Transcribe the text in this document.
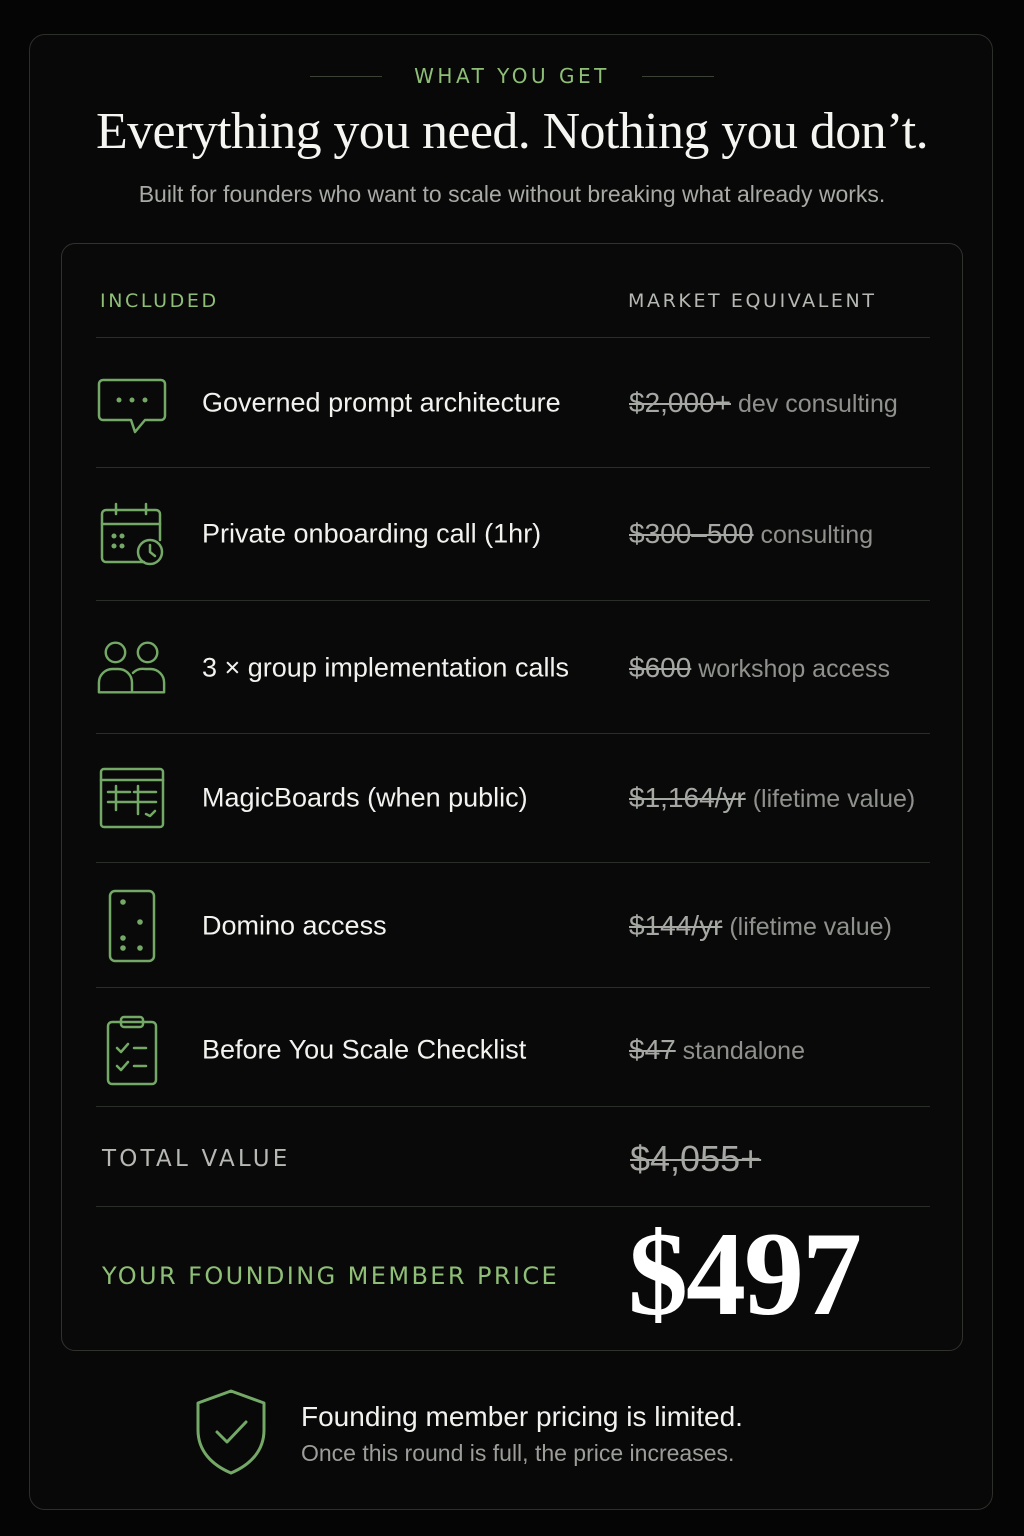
WHAT YOU GET
Everything you need. Nothing you don’t.
Built for founders who want to scale without breaking what already works.
INCLUDED	MARKET EQUIVALENT
Governed prompt architecture $2,000+ dev consulting
Private onboarding call (1hr)	$300–500 consulting
3 × group implementation calls $600 workshop access
MagicBoards (when public)	$1,164/yr (lifetime value)
Domino access	$144/yr (lifetime value)
Before You Scale Checklist	$47 standalone
TOTAL VALUE	$4,055+
YOUR FOUNDING MEMBER PRICE $497
Founding member pricing is limited.
Once this round is full, the price increases.
